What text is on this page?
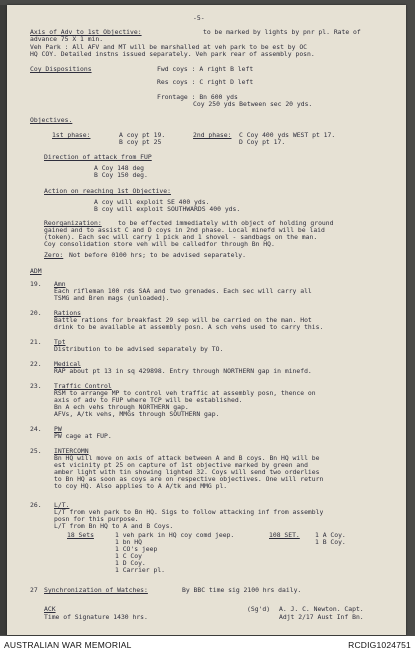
-5-
Axis of Adv to 1st Objective:	to be marked by lights by pnr pl. Rate of
advance 75 X 1 min.
Veh Park : All AFV and MT will be marshalled at veh park to be est by OC
HQ COY. Detailed instns issued separately. Veh park rear of assembly posn.
Coy Dispositions	Fwd coys : A right B left
Res coys : C right D left
Frontage : Bn 600 yds
Coy 250 yds Between sec 20 yds.
Objectives.
1st phase:	A coy pt 19.	2nd phase: C Coy 400 yds WEST pt 17.
B coy pt 25	D Coy pt 17.
Direction of attack from FUP
A Coy 148 deg
B Coy 150 deg.
Action on reaching 1st Objective:
A coy will exploit SE 400 yds.
B coy will exploit SOUTHWARDS 400 yds.
Reorganization:	to be effected immediately with object of holding ground
gained and to assist C and D coys in 2nd phase. Local minefd will be laid
(token). Each sec will carry 1 pick and 1 shovel - sandbags on the man.
Coy consolidation store veh will be calledfor through Bn HQ.
Zero: Not before 0100 hrs; to be advised separately.
ADM
19. Amn
Each rifleman 100 rds SAA and two grenades. Each sec will carry all
TSMG and Bren mags (unloaded).
20. Rations
Battle rations for breakfast 29 sep will be carried on the man. Hot
drink to be available at assembly posn. A sch vehs used to carry this.
21. Tpt
Distribution to be advised separately by TO.
22. Medical
RAP about pt 13 in sq 429898. Entry through NORTHERN gap in minefd.
23. Traffic Control
RSM to arrange MP to control veh traffic at assembly posn, thence on
axis of adv to FUP where TCP will be established.
Bn A ech vehs through NORTHERN gap.
AFVs, A/tk vehs, MMGs through SOUTHERN gap.
24. PW
PW cage at FUP.
25. INTERCOMN
Bn HQ will move on axis of attack between A and B coys. Bn HQ will be
est vicinity pt 25 on capture of 1st objective marked by green and
amber light with tin showing lighted 32. Coys will send two orderlies
to Bn HQ as soon as coys are on respective objectives. One will return
to coy HQ. Also applies to A A/tk and MMG pl.
26. L/T.
L/T from veh park to Bn HQ. Sigs to follow attacking inf from assembly
posn for this purpose.
L/T from Bn HQ to A and B Coys.
18 Sets	1 veh park in HQ coy comd jeep.	108 SET. 1 A Coy.
1 bn HQ	1 B Coy.
1 CO's jeep
1 C Coy
1 D Coy.
1 Carrier pl.
27 Synchronization of Watches:	By BBC time sig 2100 hrs daily.
ACK	(Sg'd) A. J. C. Newton. Capt.
Time of Signature 1430 hrs.	Adjt 2/17 Aust Inf Bn.
AUSTRALIAN WAR MEMORIAL	RCDIG1024751
